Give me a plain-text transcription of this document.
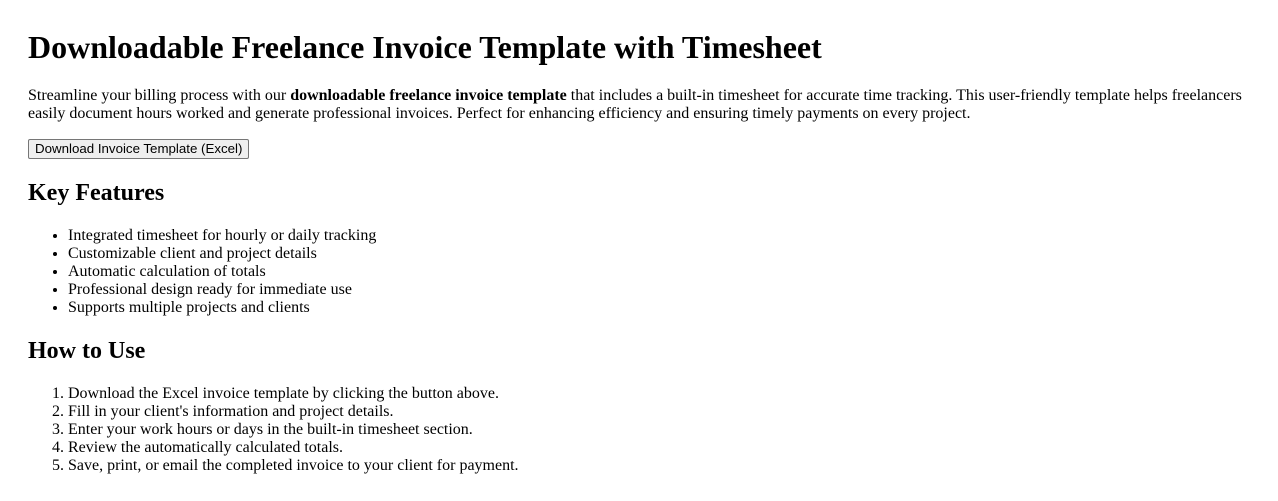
Downloadable Freelance Invoice Template with Timesheet

Streamline your billing process with our downloadable freelance invoice template that includes a built-in timesheet for accurate time tracking. This user-friendly template helps freelancers easily document hours worked and generate professional invoices. Perfect for enhancing efficiency and ensuring timely payments on every project.

Download Invoice Template (Excel)
Key Features
• Integrated timesheet for hourly or daily tracking
• Customizable client and project details
• Automatic calculation of totals
• Professional design ready for immediate use
• Supports multiple projects and clients
How to Use
1. Download the Excel invoice template by clicking the button above.
2. Fill in your client's information and project details.
3. Enter your work hours or days in the built-in timesheet section.
4. Review the automatically calculated totals.
5. Save, print, or email the completed invoice to your client for payment.
